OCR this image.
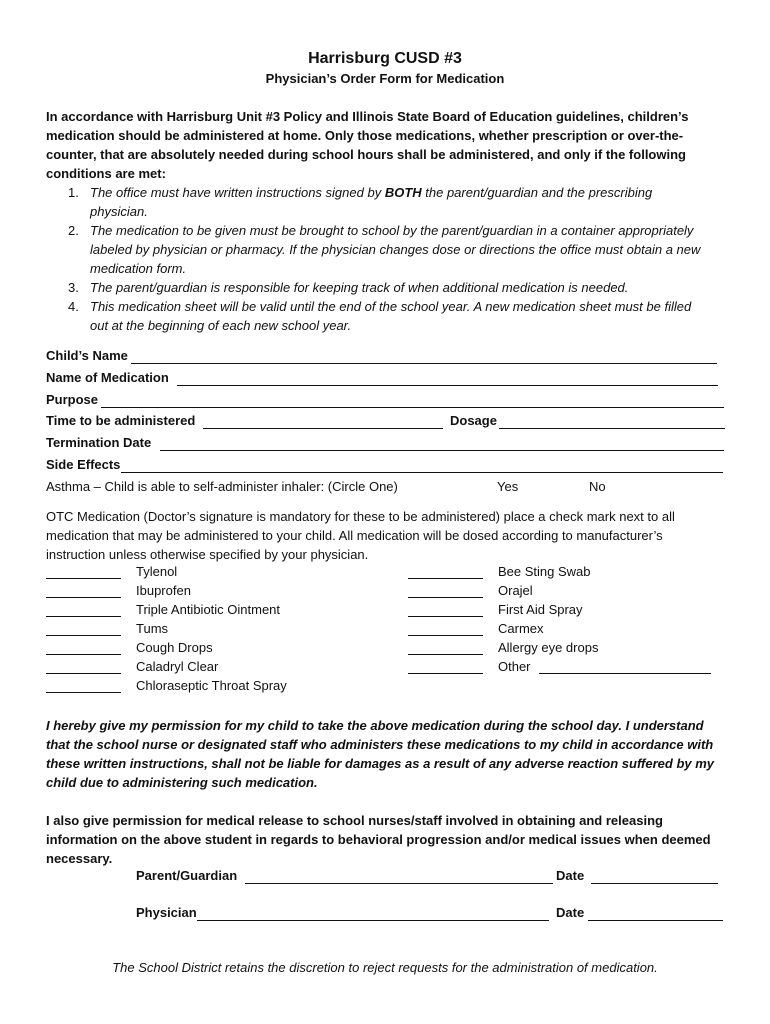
Harrisburg CUSD #3
Physician’s Order Form for Medication
In accordance with Harrisburg Unit #3 Policy and Illinois State Board of Education guidelines, children’s medication should be administered at home. Only those medications, whether prescription or over-the-counter, that are absolutely needed during school hours shall be administered, and only if the following conditions are met:
1. The office must have written instructions signed by BOTH the parent/guardian and the prescribing physician.
2. The medication to be given must be brought to school by the parent/guardian in a container appropriately labeled by physician or pharmacy. If the physician changes dose or directions the office must obtain a new medication form.
3. The parent/guardian is responsible for keeping track of when additional medication is needed.
4. This medication sheet will be valid until the end of the school year. A new medication sheet must be filled out at the beginning of each new school year.
Child’s Name
Name of Medication
Purpose
Time to be administered	Dosage
Termination Date
Side Effects
Asthma – Child is able to self-administer inhaler: (Circle One)	Yes	No
OTC Medication (Doctor’s signature is mandatory for these to be administered) place a check mark next to all medication that may be administered to your child. All medication will be dosed according to manufacturer’s instruction unless otherwise specified by your physician.
Tylenol
Ibuprofen
Triple Antibiotic Ointment
Tums
Cough Drops
Caladryl Clear
Chloraseptic Throat Spray
Bee Sting Swab
Orajel
First Aid Spray
Carmex
Allergy eye drops
Other
I hereby give my permission for my child to take the above medication during the school day. I understand that the school nurse or designated staff who administers these medications to my child in accordance with these written instructions, shall not be liable for damages as a result of any adverse reaction suffered by my child due to administering such medication.
I also give permission for medical release to school nurses/staff involved in obtaining and releasing information on the above student in regards to behavioral progression and/or medical issues when deemed necessary.
Parent/Guardian	Date
Physician	Date
The School District retains the discretion to reject requests for the administration of medication.
